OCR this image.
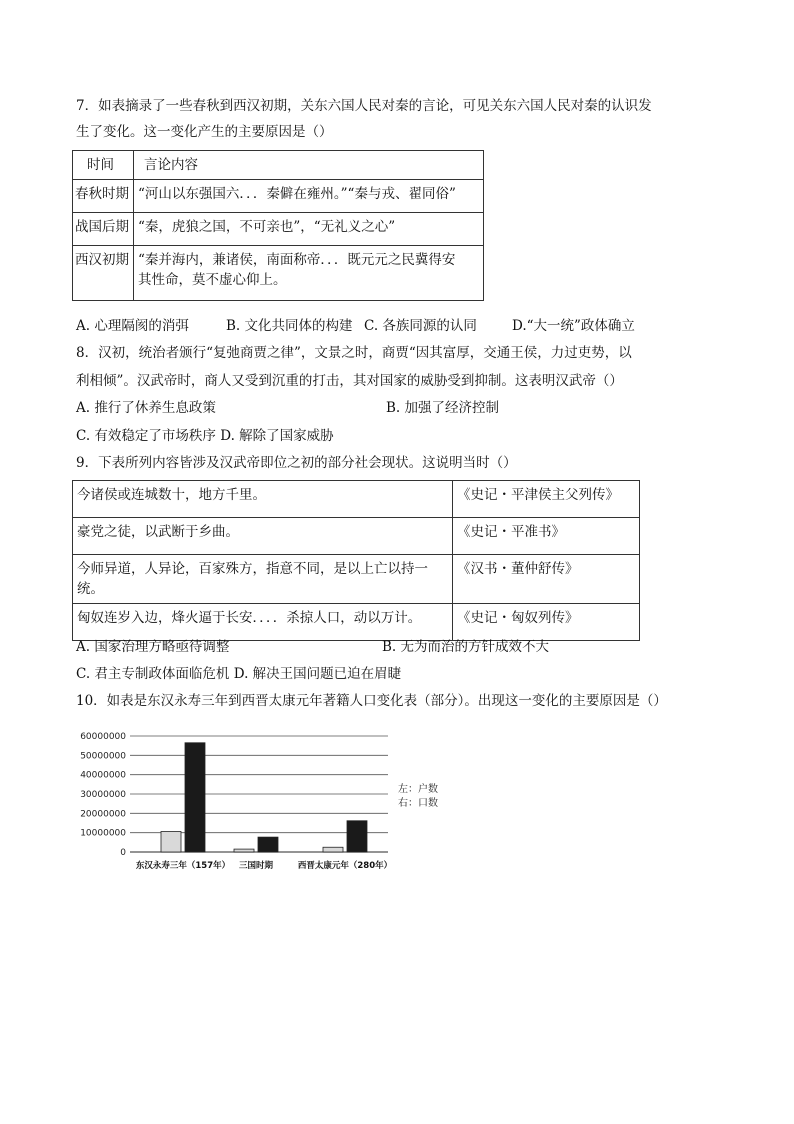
7．如表摘录了一些春秋到西汉初期，关东六国人民对秦的言论，可见关东六国人民对秦的认识发
生了变化。这一变化产生的主要原因是（）
时间	言论内容
春秋时期	“河山以东强国六．．．秦僻在雍州。”“秦与戎、翟同俗”
战国后期	“秦，虎狼之国，不可亲也”，“无礼义之心”
西汉初期	“秦并海内，兼诸侯，南面称帝．．．既元元之民冀得安
其性命，莫不虚心仰上。
A. 心理隔阂的消弭	B. 文化共同体的构建 C. 各族同源的认同	D.“大一统”政体确立
8．汉初，统治者颁行“复弛商贾之律”，文景之时，商贾“因其富厚，交通王侯，力过吏势，以
利相倾”。汉武帝时，商人又受到沉重的打击，其对国家的威胁受到抑制。这表明汉武帝（）
A. 推行了休养生息政策	B. 加强了经济控制
C. 有效稳定了市场秩序 D. 解除了国家威胁
9．下表所列内容皆涉及汉武帝即位之初的部分社会现状。这说明当时（）
今诸侯或连城数十，地方千里。	《史记・平津侯主父列传》
豪党之徒，以武断于乡曲。	《史记・平准书》
今师异道，人异论，百家殊方，指意不同，是以上亡以持一统。	《汉书・董仲舒传》
匈奴连岁入边，烽火逼于长安．．．．杀掠人口，动以万计。	《史记・匈奴列传》
A. 国家治理方略亟待调整	B. 无为而治的方针成效不大
C. 君主专制政体面临危机 D. 解决王国问题已迫在眉睫
10．如表是东汉永寿三年到西晋太康元年著籍人口变化表（部分）。出现这一变化的主要原因是（）
0
10000000
20000000
30000000
40000000
50000000
60000000
东汉永寿三年（157年） 三国时期	西晋太康元年（280年）
左：户数
右：口数
